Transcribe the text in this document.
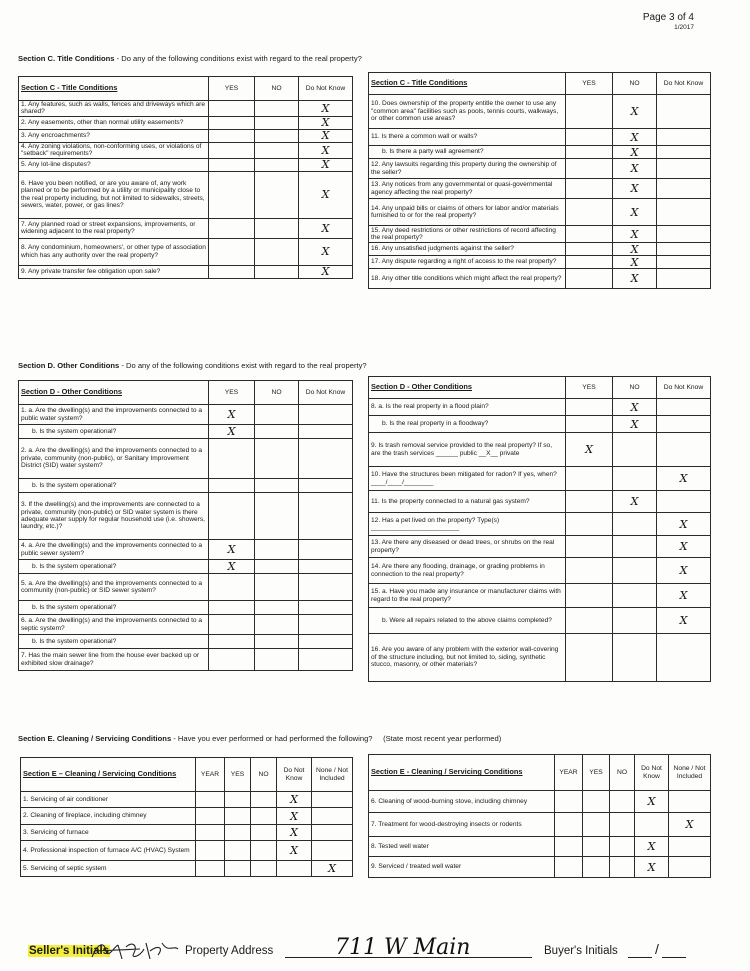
Page 3 of 4
1/2017
Section C. Title Conditions - Do any of the following conditions exist with regard to the real property?
Section C - Title Conditions	YES	NO	Do Not Know
1. Any features, such as walls, fences and driveways which are shared?			X
2. Any easements, other than normal utility easements?			X
3. Any encroachments?			X
4. Any zoning violations, non-conforming uses, or violations of "setback" requirements?			X
5. Any lot-line disputes?			X
6. Have you been notified, or are you aware of, any work planned or to be performed by a utility or municipality close to the real property including, but not limited to sidewalks, streets, sewers, water, power, or gas lines?			X
7. Any planned road or street expansions, improvements, or widening adjacent to the real property?			X
8. Any condominium, homeowners', or other type of association which has any authority over the real property?			X
9. Any private transfer fee obligation upon sale?			X
Section C - Title Conditions	YES	NO	Do Not Know
10. Does ownership of the property entitle the owner to use any "common area" facilities such as pools, tennis courts, walkways, or other common use areas?		X	
11. Is there a common wall or walls?		X	
b. Is there a party wall agreement?		X	
12. Any lawsuits regarding this property during the ownership of the seller?		X	
13. Any notices from any governmental or quasi-governmental agency affecting the real property?		X	
14. Any unpaid bills or claims of others for labor and/or materials furnished to or for the real property?		X	
15. Any deed restrictions or other restrictions of record affecting the real property?		X	
16. Any unsatisfied judgments against the seller?		X	
17. Any dispute regarding a right of access to the real property?		X	
18. Any other title conditions which might affect the real property?		X	
Section D. Other Conditions - Do any of the following conditions exist with regard to the real property?
Section D - Other Conditions	YES	NO	Do Not Know
1. a. Are the dwelling(s) and the improvements connected to a public water system?	X		
b. Is the system operational?	X		
2. a. Are the dwelling(s) and the improvements connected to a private, community (non-public), or Sanitary Improvement District (SID) water system?			
b. Is the system operational?			
3. If the dwelling(s) and the improvements are connected to a private, community (non-public) or SID water system is there adequate water supply for regular household use (i.e. showers, laundry, etc.)?			
4. a. Are the dwelling(s) and the improvements connected to a public sewer system?	X		
b. Is the system operational?	X		
5. a. Are the dwelling(s) and the improvements connected to a community (non-public) or SID sewer system?			
b. Is the system operational?			
6. a. Are the dwelling(s) and the improvements connected to a septic system?			
b. Is the system operational?			
7. Has the main sewer line from the house ever backed up or exhibited slow drainage?			
Section D - Other Conditions	YES	NO	Do Not Know
8. a. Is the real property in a flood plain?		X	
b. Is the real property in a floodway?		X	
9. Is trash removal service provided to the real property? If so, are the trash services ______ public __X__ private	X		
10. Have the structures been mitigated for radon? If yes, when? ____/____/________			X
11. Is the property connected to a natural gas system?		X	
12. Has a pet lived on the property? Type(s) ________________________			X
13. Are there any diseased or dead trees, or shrubs on the real property?			X
14. Are there any flooding, drainage, or grading problems in connection to the real property?			X
15. a. Have you made any insurance or manufacturer claims with regard to the real property?			X
b. Were all repairs related to the above claims completed?			X
16. Are you aware of any problem with the exterior wall-covering of the structure including, but not limited to, siding, synthetic stucco, masonry, or other materials?			
Section E. Cleaning / Servicing Conditions - Have you ever performed or had performed the following? (State most recent year performed)
Section E – Cleaning / Servicing Conditions	YEAR	YES	NO	Do Not Know	None / Not Included
1. Servicing of air conditioner				X	
2. Cleaning of fireplace, including chimney				X	
3. Servicing of furnace				X	
4. Professional inspection of furnace A/C (HVAC) System				X	
5. Servicing of septic system					X
Section E - Cleaning / Servicing Conditions	YEAR	YES	NO	Do Not Know	None / Not Included
6. Cleaning of wood-burning stove, including chimney				X	
7. Treatment for wood-destroying insects or rodents					X
8. Tested well water				X	
9. Serviced / treated well water				X	
Seller's Initials	Property Address	711 W Main	Buyer's Initials	/
